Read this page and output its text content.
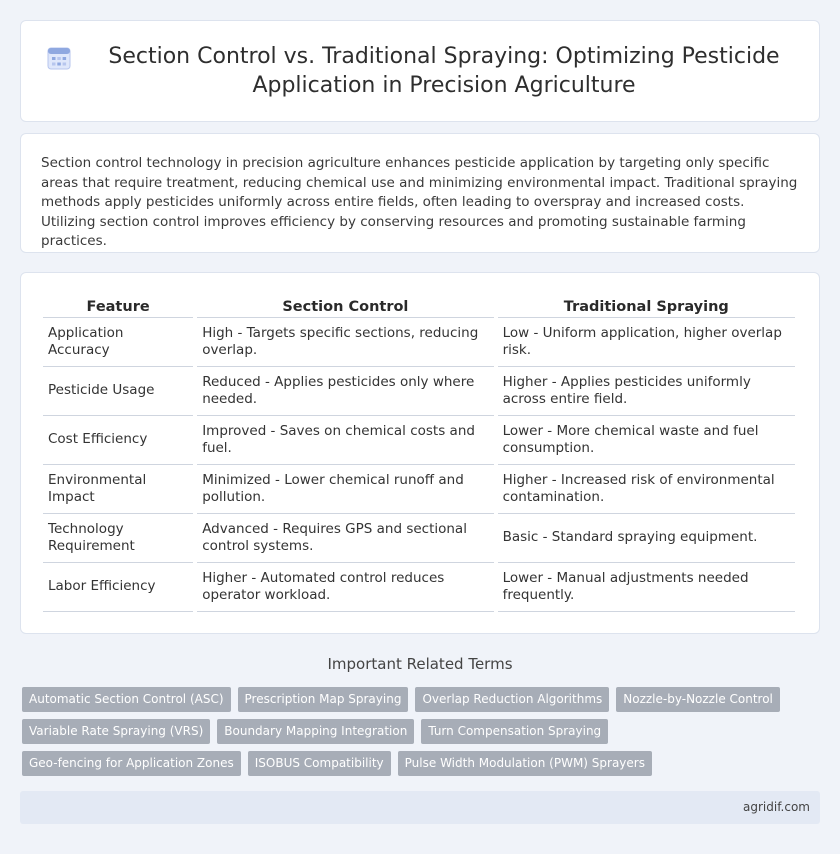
Section Control vs. Traditional Spraying: Optimizing Pesticide Application in Precision Agriculture

Section control technology in precision agriculture enhances pesticide application by targeting only specific areas that require treatment, reducing chemical use and minimizing environmental impact. Traditional spraying methods apply pesticides uniformly across entire fields, often leading to overspray and increased costs. Utilizing section control improves efficiency by conserving resources and promoting sustainable farming practices.

Feature	Section Control	Traditional Spraying
Application Accuracy	High - Targets specific sections, reducing overlap.	Low - Uniform application, higher overlap risk.
Pesticide Usage	Reduced - Applies pesticides only where needed.	Higher - Applies pesticides uniformly across entire field.
Cost Efficiency	Improved - Saves on chemical costs and fuel.	Lower - More chemical waste and fuel consumption.
Environmental Impact	Minimized - Lower chemical runoff and pollution.	Higher - Increased risk of environmental contamination.
Technology Requirement	Advanced - Requires GPS and sectional control systems.	Basic - Standard spraying equipment.
Labor Efficiency	Higher - Automated control reduces operator workload.	Lower - Manual adjustments needed frequently.
Important Related Terms
Automatic Section Control (ASC)	Prescription Map Spraying	Overlap Reduction Algorithms	Nozzle-by-Nozzle Control
Variable Rate Spraying (VRS)	Boundary Mapping Integration	Turn Compensation Spraying
Geo-fencing for Application Zones	ISOBUS Compatibility	Pulse Width Modulation (PWM) Sprayers
agridif.com
